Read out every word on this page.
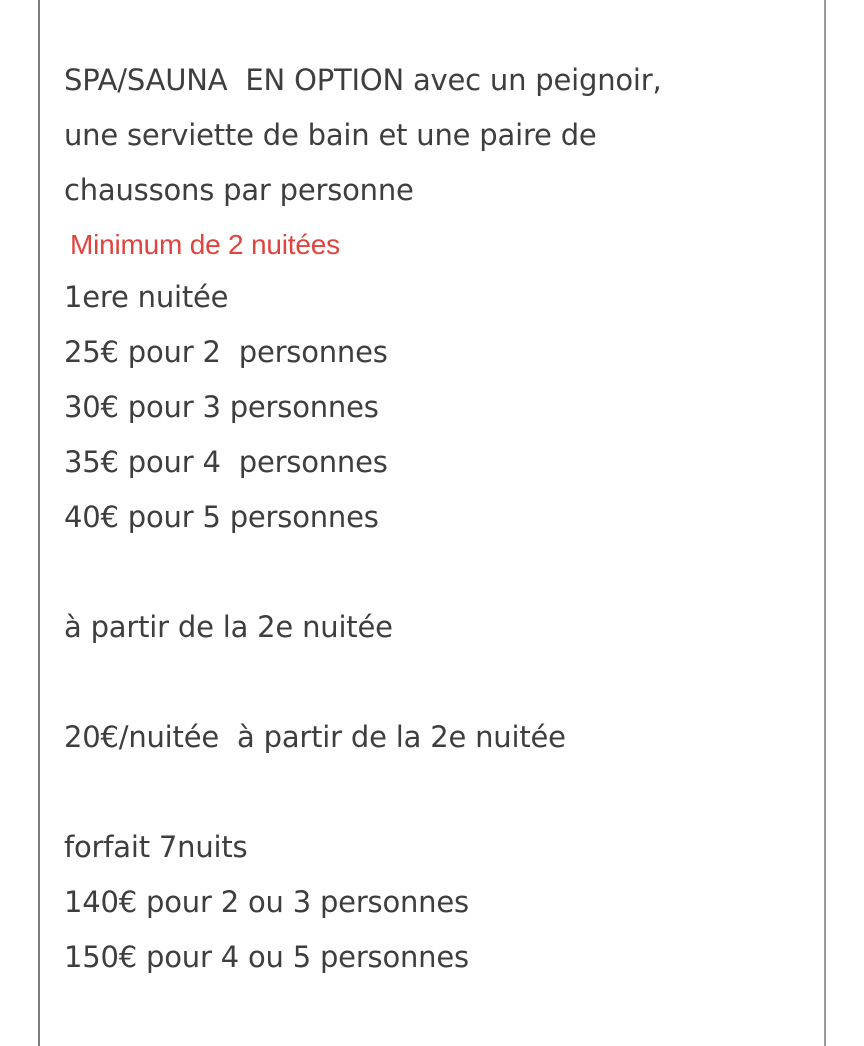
SPA/SAUNA  EN OPTION avec un peignoir,
une serviette de bain et une paire de
chaussons par personne
Minimum de 2 nuitées
1ere nuitée
25€ pour 2  personnes
30€ pour 3 personnes
35€ pour 4  personnes
40€ pour 5 personnes
à partir de la 2e nuitée
20€/nuitée  à partir de la 2e nuitée
forfait 7nuits
140€ pour 2 ou 3 personnes
150€ pour 4 ou 5 personnes
